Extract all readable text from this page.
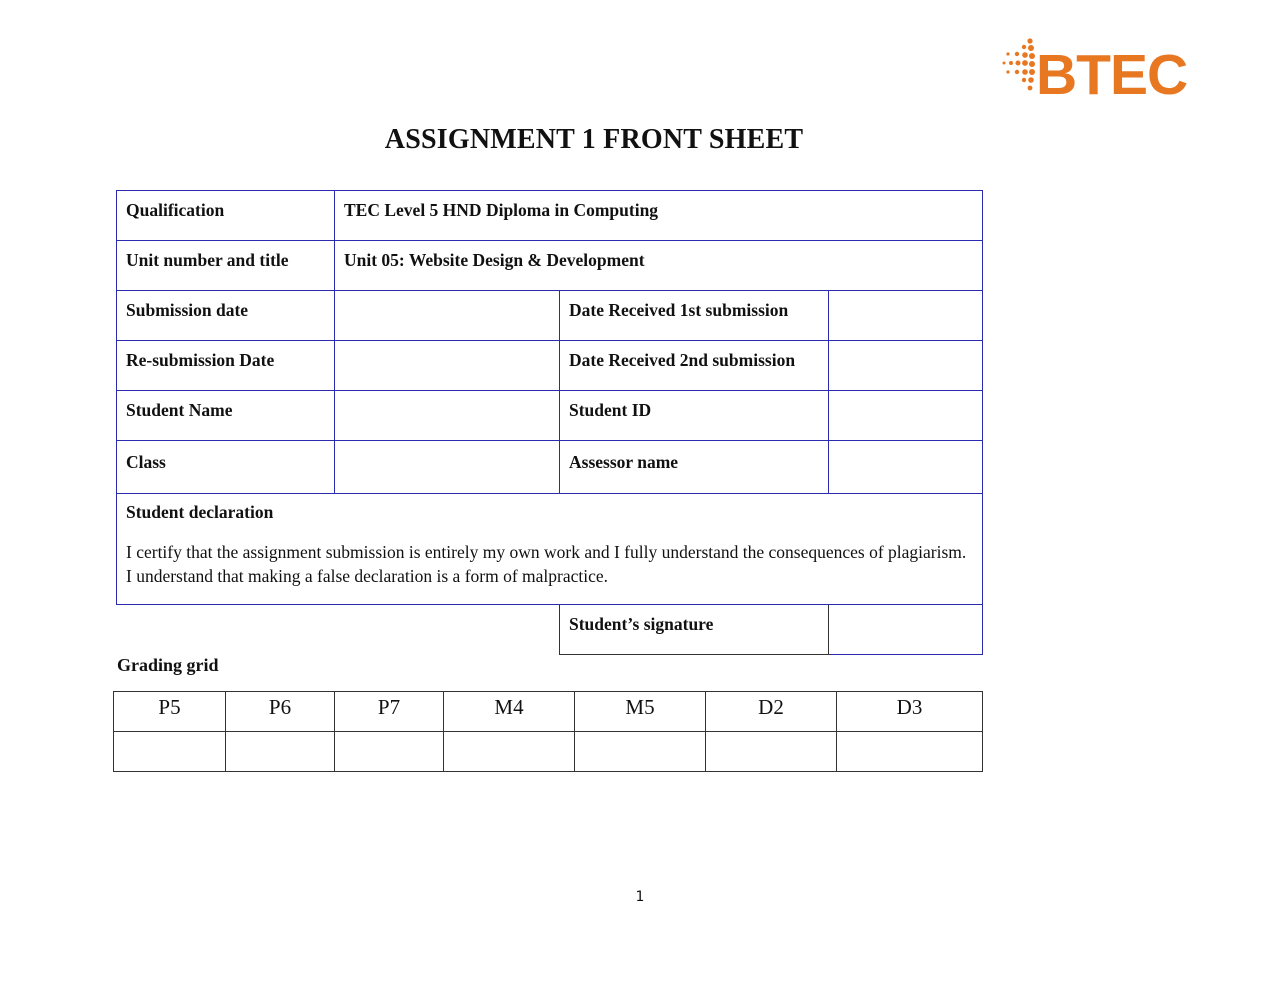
BTEC
ASSIGNMENT 1 FRONT SHEET
Qualification	TEC Level 5 HND Diploma in Computing		
Unit number and title	Unit 05: Website Design & Development		
Submission date		Date Received 1st submission	
Re-submission Date		Date Received 2nd submission	
Student Name		Student ID	
Class		Assessor name	

Student declaration
I certify that the assignment submission is entirely my own work and I fully understand the consequences of plagiarism. I understand that making a false declaration is a form of malpractice.			

		Student’s signature	
Grading grid
P5	P6	P7	M4	M5	D2	D3

1
